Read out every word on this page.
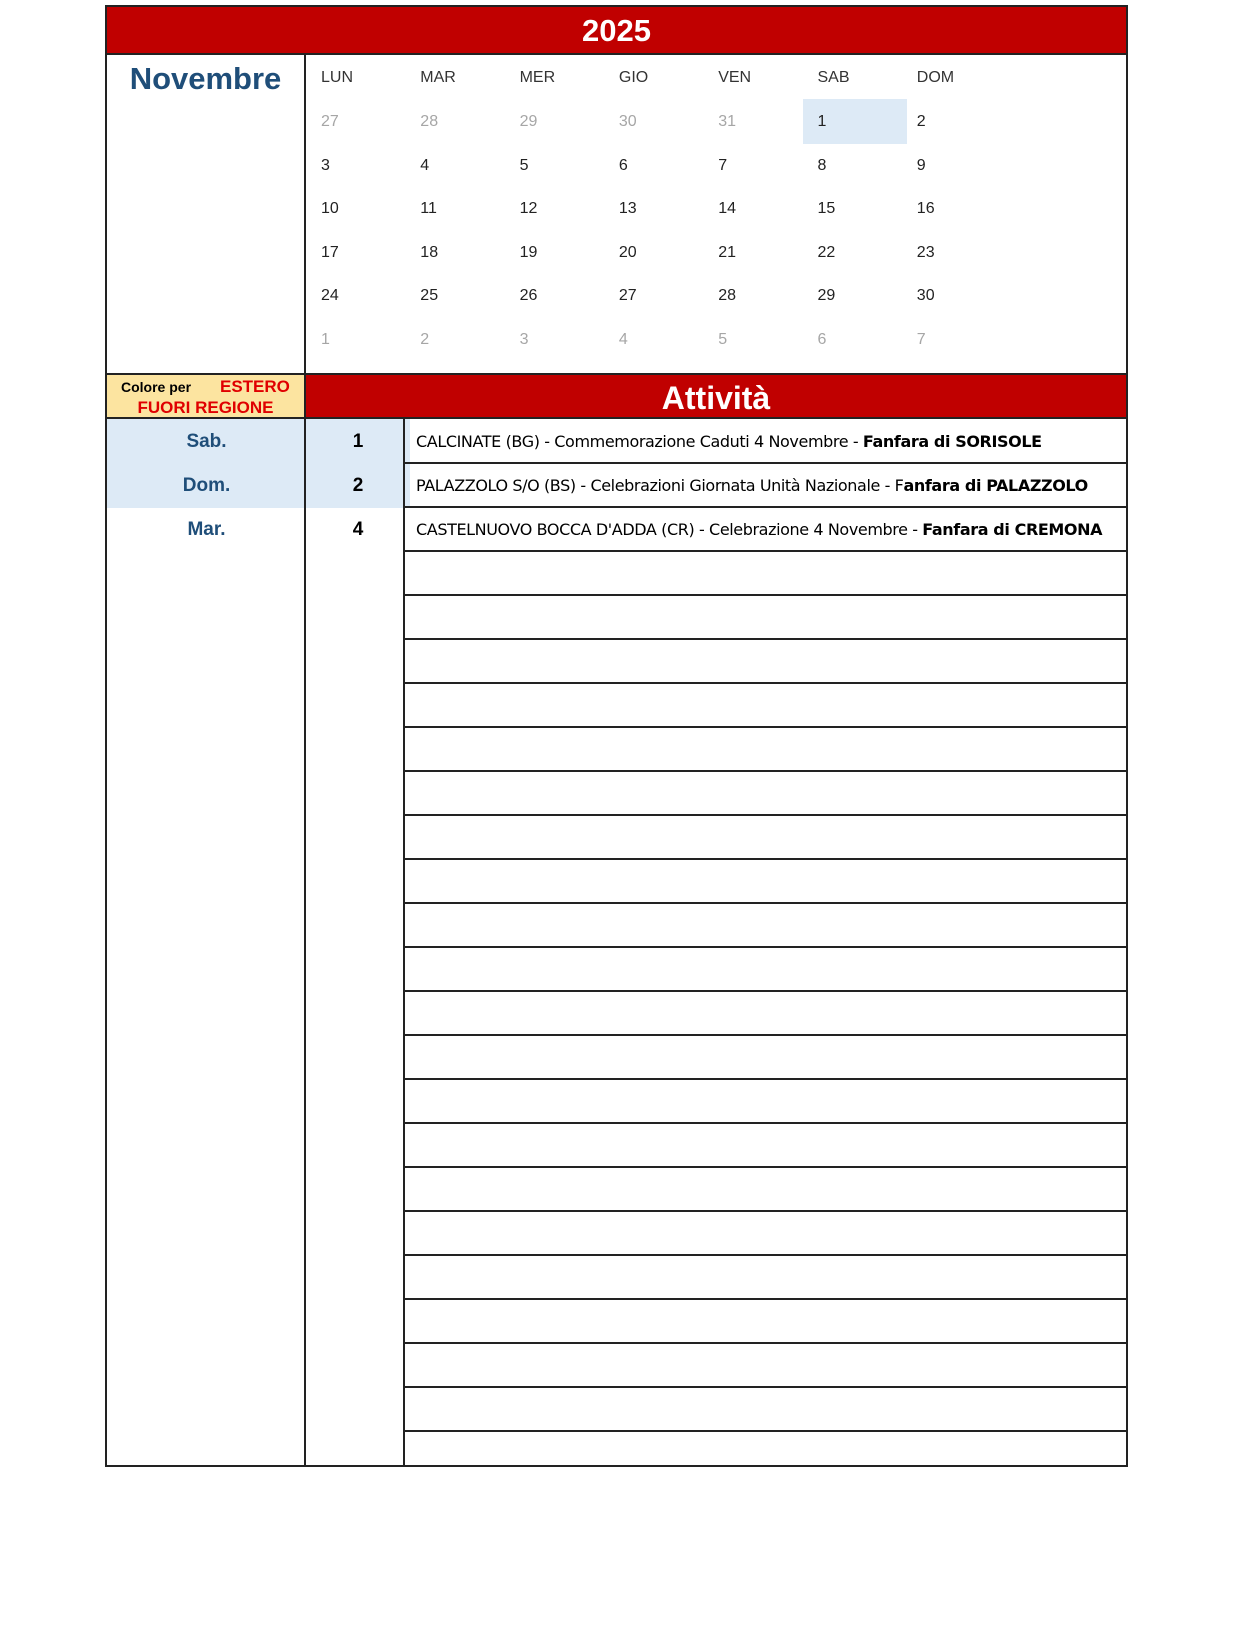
2025
Novembre	LUN	MAR	MER	GIO	VEN	SAB	DOM
27	28	29	30	31	1	2
3	4	5	6	7	8	9
10	11	12	13	14	15	16
17	18	19	20	21	22	23
24	25	26	27	28	29	30
1	2	3	4	5	6	7
Colore per ESTERO
FUORI REGIONE	Attività
Sab.	1	CALCINATE (BG) - Commemorazione Caduti 4 Novembre - Fanfara di SORISOLE
Dom.	2	PALAZZOLO S/O (BS) - Celebrazioni Giornata Unità Nazionale - Fanfara di PALAZZOLO
Mar.	4	CASTELNUOVO BOCCA D'ADDA (CR) - Celebrazione 4 Novembre - Fanfara di CREMONA
